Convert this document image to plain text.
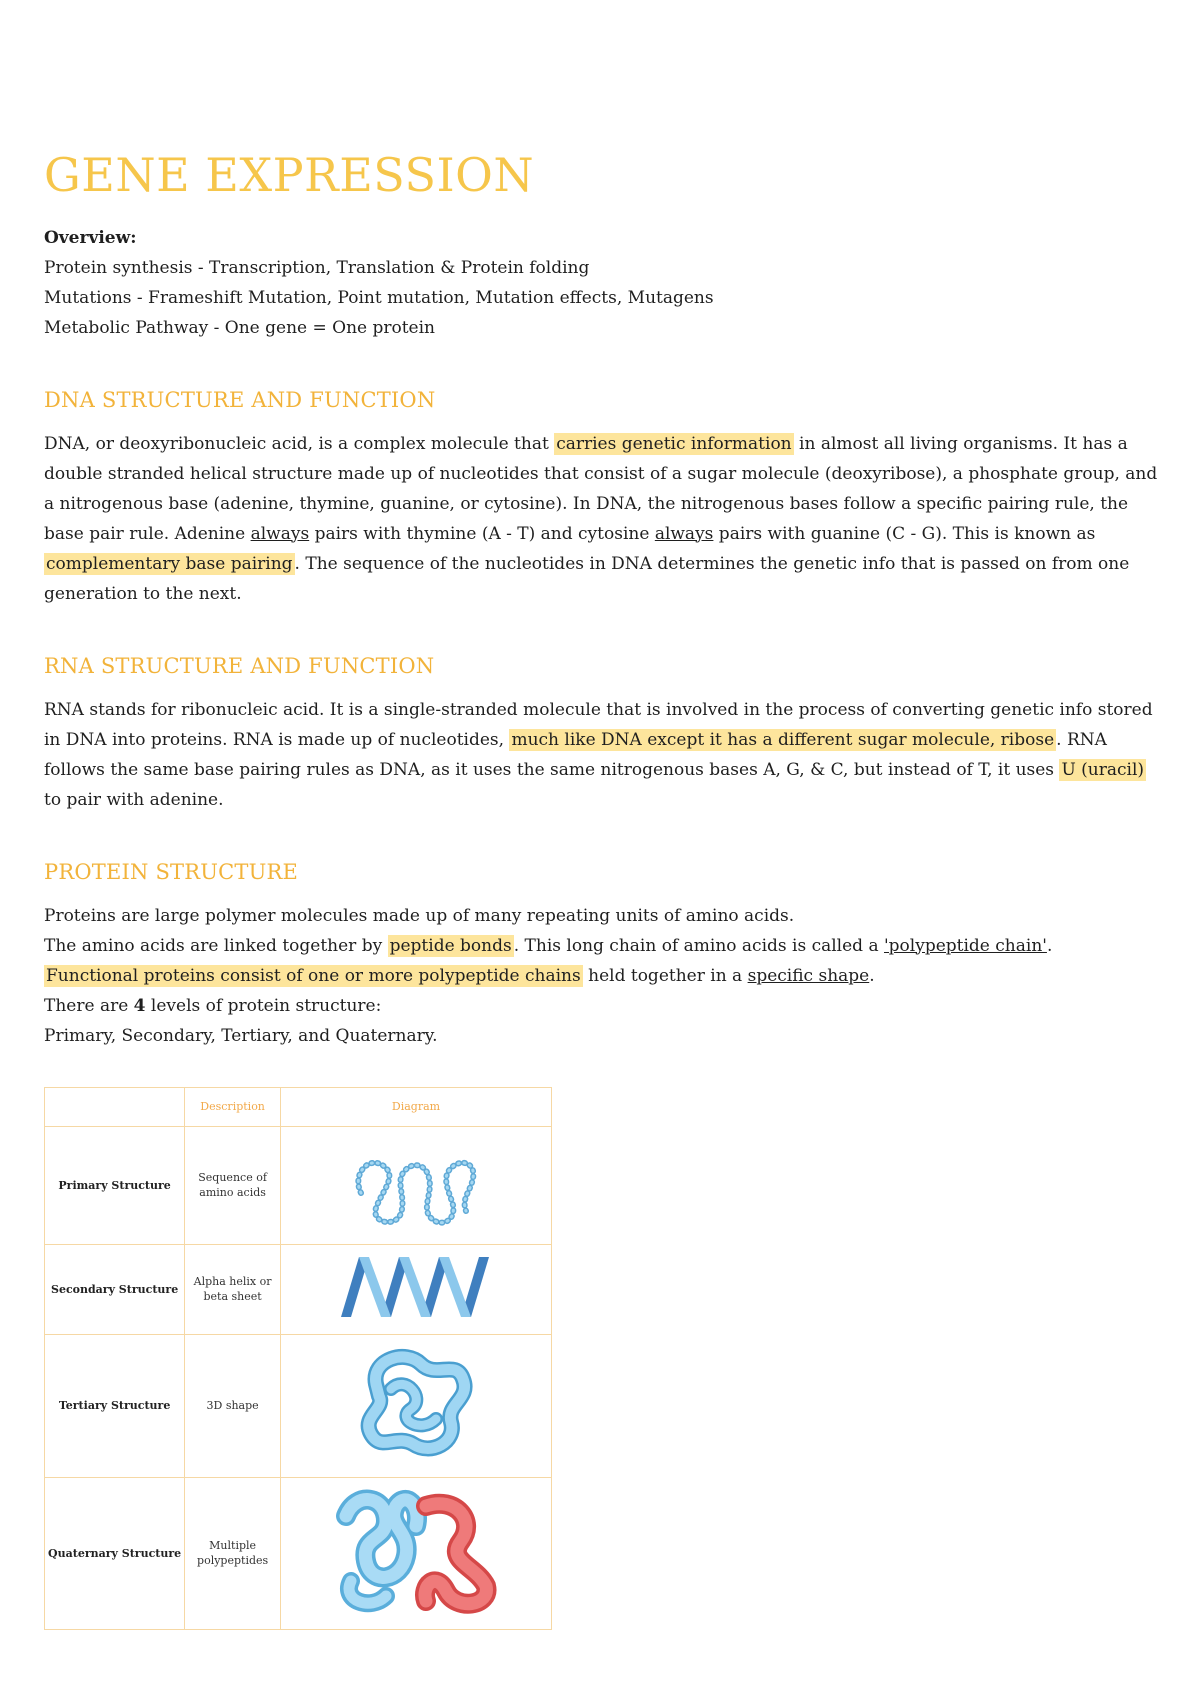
GENE EXPRESSION
Overview:
Protein synthesis - Transcription, Translation & Protein folding
Mutations - Frameshift Mutation, Point mutation, Mutation effects, Mutagens
Metabolic Pathway - One gene = One protein
DNA STRUCTURE AND FUNCTION

DNA, or deoxyribonucleic acid, is a complex molecule that carries genetic information in almost all living organisms. It has a double stranded helical structure made up of nucleotides that consist of a sugar molecule (deoxyribose), a phosphate group, and a nitrogenous base (adenine, thymine, guanine, or cytosine). In DNA, the nitrogenous bases follow a specific pairing rule, the base pair rule. Adenine always pairs with thymine (A - T) and cytosine always pairs with guanine (C - G). This is known as complementary base pairing . The sequence of the nucleotides in DNA determines the genetic info that is passed on from one generation to the next.

RNA STRUCTURE AND FUNCTION

RNA stands for ribonucleic acid. It is a single-stranded molecule that is involved in the process of converting genetic info stored in DNA into proteins. RNA is made up of nucleotides, much like DNA except it has a different sugar molecule, ribose . RNA follows the same base pairing rules as DNA, as it uses the same nitrogenous bases A, G, & C, but instead of T, it uses U (uracil) to pair with adenine.

PROTEIN STRUCTURE

Proteins are large polymer molecules made up of many repeating units of amino acids.
The amino acids are linked together by peptide bonds . This long chain of amino acids is called a 'polypeptide chain'.
Functional proteins consist of one or more polypeptide chains held together in a specific shape.
There are 4 levels of protein structure:
Primary, Secondary, Tertiary, and Quaternary.

	Description	Diagram
Primary Structure	Sequence of amino acids	
Secondary Structure	Alpha helix or beta sheet	
Tertiary Structure	3D shape	
Quaternary Structure	Multiple polypeptides	
